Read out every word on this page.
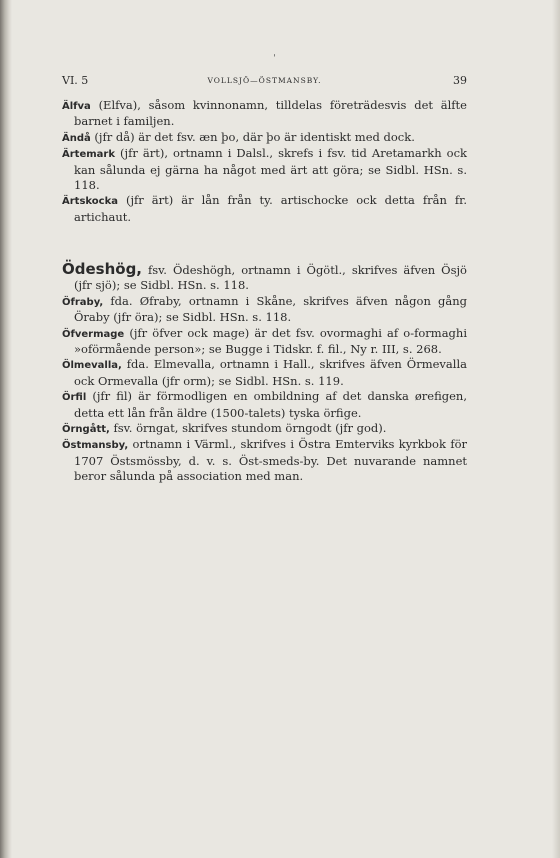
ˈ
VI. 5	VOLLSJÖ—ÖSTMANSBY.	39

Älfva (Elfva), såsom kvinnonamn, tilldelas företrädesvis det älfte barnet i familjen.

Ändå (jfr då) är det fsv. æn þo, där þo är identiskt med dock.

Ärtemark (jfr ärt), ortnamn i Dalsl., skrefs i fsv. tid Aretamarkh ock kan sålunda ej gärna ha något med ärt att göra; se Sidbl. HSn. s. 118.

Ärtskocka (jfr ärt) är lån från ty. artischocke ock detta från fr. artichaut.

Ödeshög, fsv. Ödeshögh, ortnamn i Ögötl., skrifves äfven Ösjö (jfr sjö); se Sidbl. HSn. s. 118.

Öfraby, fda. Øfraby, ortnamn i Skåne, skrifves äfven någon gång Öraby (jfr öra); se Sidbl. HSn. s. 118.

Öfvermage (jfr öfver ock mage) är det fsv. ovormaghi af o-formaghi »oförmående person»; se Bugge i Tidskr. f. fil., Ny r. III, s. 268.

Ölmevalla, fda. Elmevalla, ortnamn i Hall., skrifves äfven Örmevalla ock Ormevalla (jfr orm); se Sidbl. HSn. s. 119.

Örfil (jfr fil) är förmodligen en ombildning af det danska ørefigen, detta ett lån från äldre (1500-talets) tyska örfige.

Örngått, fsv. örngat, skrifves stundom örngodt (jfr god).

Östmansby, ortnamn i Värml., skrifves i Östra Emterviks kyrkbok för 1707 Östsmössby, d. v. s. Öst-smeds-by. Det nuvarande namnet beror sålunda på association med man.
